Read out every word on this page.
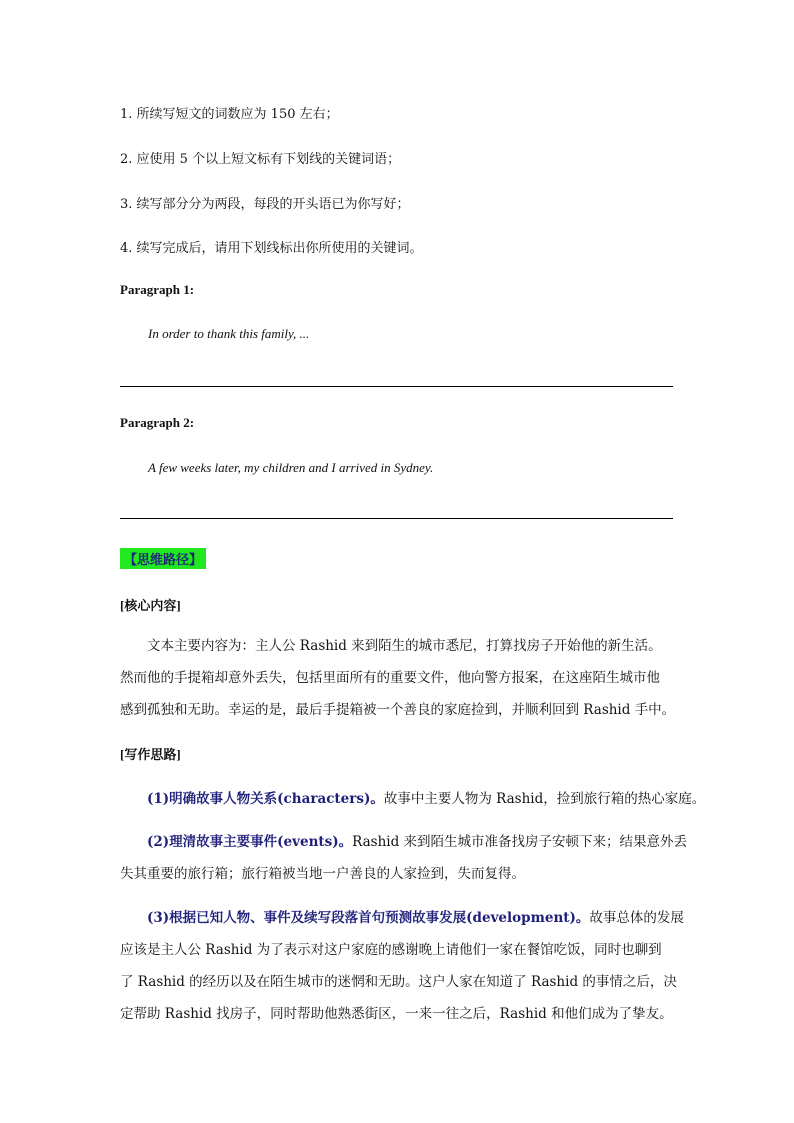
1. 所续写短文的词数应为 150 左右；
2. 应使用 5 个以上短文标有下划线的关键词语；
3. 续写部分分为两段，每段的开头语已为你写好；
4. 续写完成后，请用下划线标出你所使用的关键词。
Paragraph 1:
In order to thank this family, ...
Paragraph 2:
A few weeks later, my children and I arrived in Sydney.
【思维路径】
[核心内容]
文本主要内容为：主人公 Rashid 来到陌生的城市悉尼，打算找房子开始他的新生活。
然而他的手提箱却意外丢失，包括里面所有的重要文件，他向警方报案，在这座陌生城市他
感到孤独和无助。幸运的是，最后手提箱被一个善良的家庭捡到，并顺利回到 Rashid 手中。
[写作思路]
(1)明确故事人物关系(characters)。故事中主要人物为 Rashid，捡到旅行箱的热心家庭。
(2)理清故事主要事件(events)。Rashid 来到陌生城市准备找房子安顿下来；结果意外丢
失其重要的旅行箱；旅行箱被当地一户善良的人家捡到，失而复得。
(3)根据已知人物、事件及续写段落首句预测故事发展(development)。故事总体的发展
应该是主人公 Rashid 为了表示对这户家庭的感谢晚上请他们一家在餐馆吃饭，同时也聊到
了 Rashid 的经历以及在陌生城市的迷惘和无助。这户人家在知道了 Rashid 的事情之后，决
定帮助 Rashid 找房子，同时帮助他熟悉街区，一来一往之后，Rashid 和他们成为了挚友。
